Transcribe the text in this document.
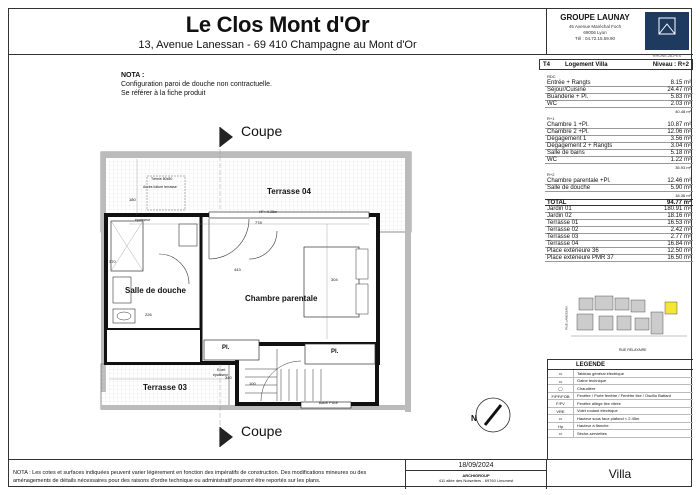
Le Clos Mont d'Or
13, Avenue Lanessan - 69 410 Champagne au Mont d'Or
GROUPE LAUNAY
45 Avenue Maréchal Foch
69006 Lyon
Tél : 04.72.15.59.90
RHÔNE-ALPES
NOTA :
Configuration paroi de douche non contractuelle.
Se référer à la fiche produit
Coupe
Coupe
Terrasse 04
Terrasse 03
Salle de douche
Chambre parentale
Pl.
Pl.
BAIE FIXE
Trémie 80x80
Accès toiture terrasse
Ecart
épaisseur
Ecart
épaisseur
HF= H.25m
778
180
443
304
226
340
100
370
N
T4	Logement Villa	Niveau : R+2
RDC
Entrée + Rangts	8.15 m²
Séjour/Cuisine	24.47 m²
Buanderie + Pl.	5.83 m²
WC	2.03 m²
40.48 m²
R+1
Chambre 1 +Pl.	10.87 m²
Chambre 2 +Pl.	12.06 m²
Dégagement 1	3.56 m²
Dégagement 2 + Rangts	3.04 m²
Salle de bains	5.18 m²
WC	1.22 m²
35.93 m²
R+2
Chambre parentale +Pl.	12.46 m²
Salle de douche	5.90 m²
18.36 m²
TOTAL	94.77 m²
Jardin 01	180.91 m²
Jardin 02	18.16 m²
Terrasse 01	16.53 m²
Terrasse 02	2.42 m²
Terrasse 03	2.77 m²
Terrasse 04	16.84 m²
Place extérieure 36	12.50 m²
Place extérieure PMR 37	16.50 m²
RUE RELAYAIRE
RUE LANESSAN
LEGENDE
▭	Tableau général électrique
▭	Gaine technique
◯	Chaudière
F/PF/FOB	Fenêtre / Porte fenêtre / Fenêtre fixe / Oscillo Battant
F/FV	Fenêtre allège fixe vitrée
VRE	Volet roulant électrique
▭	Hauteur sous faux plafond < 2.45m
Hp	Hauteur à flanche
▭	Sèche-serviettes
NOTA : Les cotes et surfaces indiquées peuvent varier légèrement en fonction des impératifs de construction. Des modifications mineures ou des aménagements de détails nécessaires pour des raisons d'ordre technique ou administratif pourront être reportés sur les plans.
18/09/2024
ARCHIGROUP
411 allée des Noisetiers - 69760 Limonest	Villa
